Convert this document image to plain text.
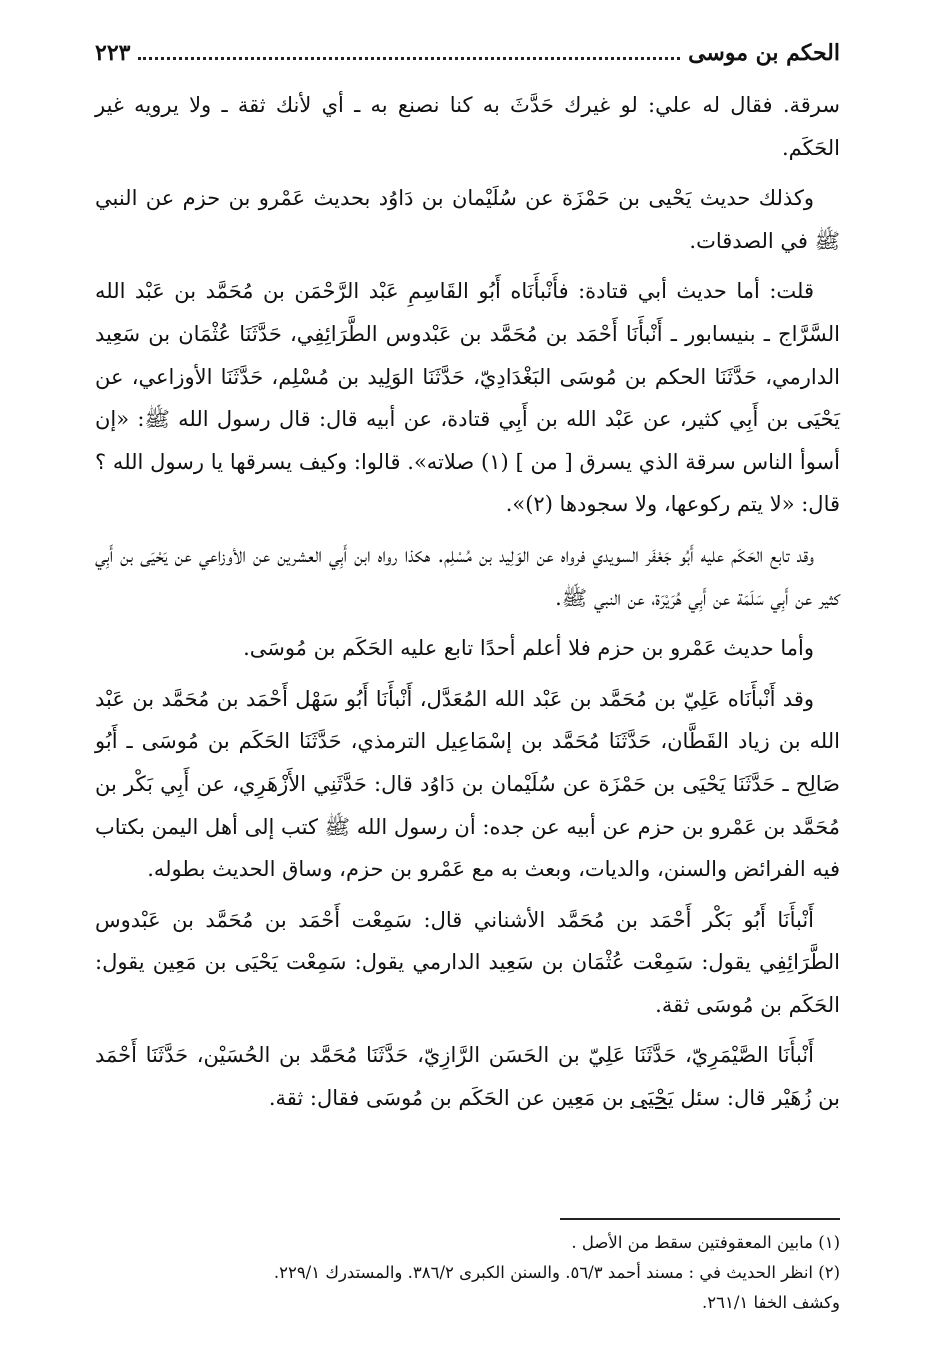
الحكم بن موسى
٢٢٣

سرقة. فقال له علي: لو غيرك حَدَّثَ به كنا نصنع به ـ أي لأنك ثقة ـ ولا يرويه غير الحَكَم.

وكذلك حديث يَحْيى بن حَمْزَة عن سُلَيْمان بن دَاوُد بحديث عَمْرو بن حزم عن النبي ﷺ في الصدقات.

قلت: أما حديث أبي قتادة: فأَنْبأَنَاه أَبُو القَاسِمِ عَبْد الرَّحْمَن بن مُحَمَّد بن عَبْد الله السَّرَّاج ـ بنيسابور ـ أَنْبأَنَا أَحْمَد بن مُحَمَّد بن عَبْدوس الطَّرَائِفِي، حَدَّثَنَا عُثْمَان بن سَعِيد الدارمي، حَدَّثَنَا الحكم بن مُوسَى البَغْدَادِيّ، حَدَّثَنَا الوَلِيد بن مُسْلِم، حَدَّثَنَا الأوزاعي، عن يَحْيَى بن أَبِي كثير، عن عَبْد الله بن أَبِي قتادة، عن أبيه قال: قال رسول الله ﷺ: «إن أسوأ الناس سرقة الذي يسرق [ من ] (١) صلاته». قالوا: وكيف يسرقها يا رسول الله ؟ قال: «لا يتم ركوعها، ولا سجودها (٢)».

وقد تابع الحَكَم عليه أَبُو جَعْفَر السويدي فرواه عن الوَلِيد بن مُسْلِم. هكذا رواه ابن أَبِي العشرين عن الأوزاعي عن يَحْيَى بن أَبِي كثير عن أَبِي سَلَمَة عن أَبِي هُرَيْرَة، عن النبي ﷺ.

وأما حديث عَمْرو بن حزم فلا أعلم أحدًا تابع عليه الحَكَم بن مُوسَى.

وقد أَنْبأَنَاه عَلِيّ بن مُحَمَّد بن عَبْد الله المُعَدَّل، أَنْبأَنَا أَبُو سَهْل أَحْمَد بن مُحَمَّد بن عَبْد الله بن زياد القَطَّان، حَدَّثَنَا مُحَمَّد بن إسْمَاعِيل الترمذي، حَدَّثَنَا الحَكَم بن مُوسَى ـ أَبُو صَالِح ـ حَدَّثَنَا يَحْيَى بن حَمْزَة عن سُلَيْمان بن دَاوُد قال: حَدَّثَنِي الأَزْهَرِي، عن أَبِي بَكْر بن مُحَمَّد بن عَمْرو بن حزم عن أبيه عن جده: أن رسول الله ﷺ كتب إلى أهل اليمن بكتاب فيه الفرائض والسنن، والديات، وبعث به مع عَمْرو بن حزم، وساق الحديث بطوله.

أَنْبأَنَا أَبُو بَكْر أَحْمَد بن مُحَمَّد الأشناني قال: سَمِعْت أَحْمَد بن مُحَمَّد بن عَبْدوس الطَّرَائِفِي يقول: سَمِعْت عُثْمَان بن سَعِيد الدارمي يقول: سَمِعْت يَحْيَى بن مَعِين يقول: الحَكَم بن مُوسَى ثقة.

أَنْبأَنَا الصَّيْمَرِيّ، حَدَّثَنَا عَلِيّ بن الحَسَن الرَّازِيّ، حَدَّثَنَا مُحَمَّد بن الحُسَيْن، حَدَّثَنَا أَحْمَد بن زُهَيْر قال: سئل يَحْيَى بن مَعِين عن الحَكَم بن مُوسَى فقال: ثقة.

(١) مابين المعقوفتين سقط من الأصل .

(٢) انظر الحديث في : مسند أحمد ٥٦/٣. والسنن الكبرى ٣٨٦/٢. والمستدرك ٢٢٩/١.

وكشف الخفا ٢٦١/١.
